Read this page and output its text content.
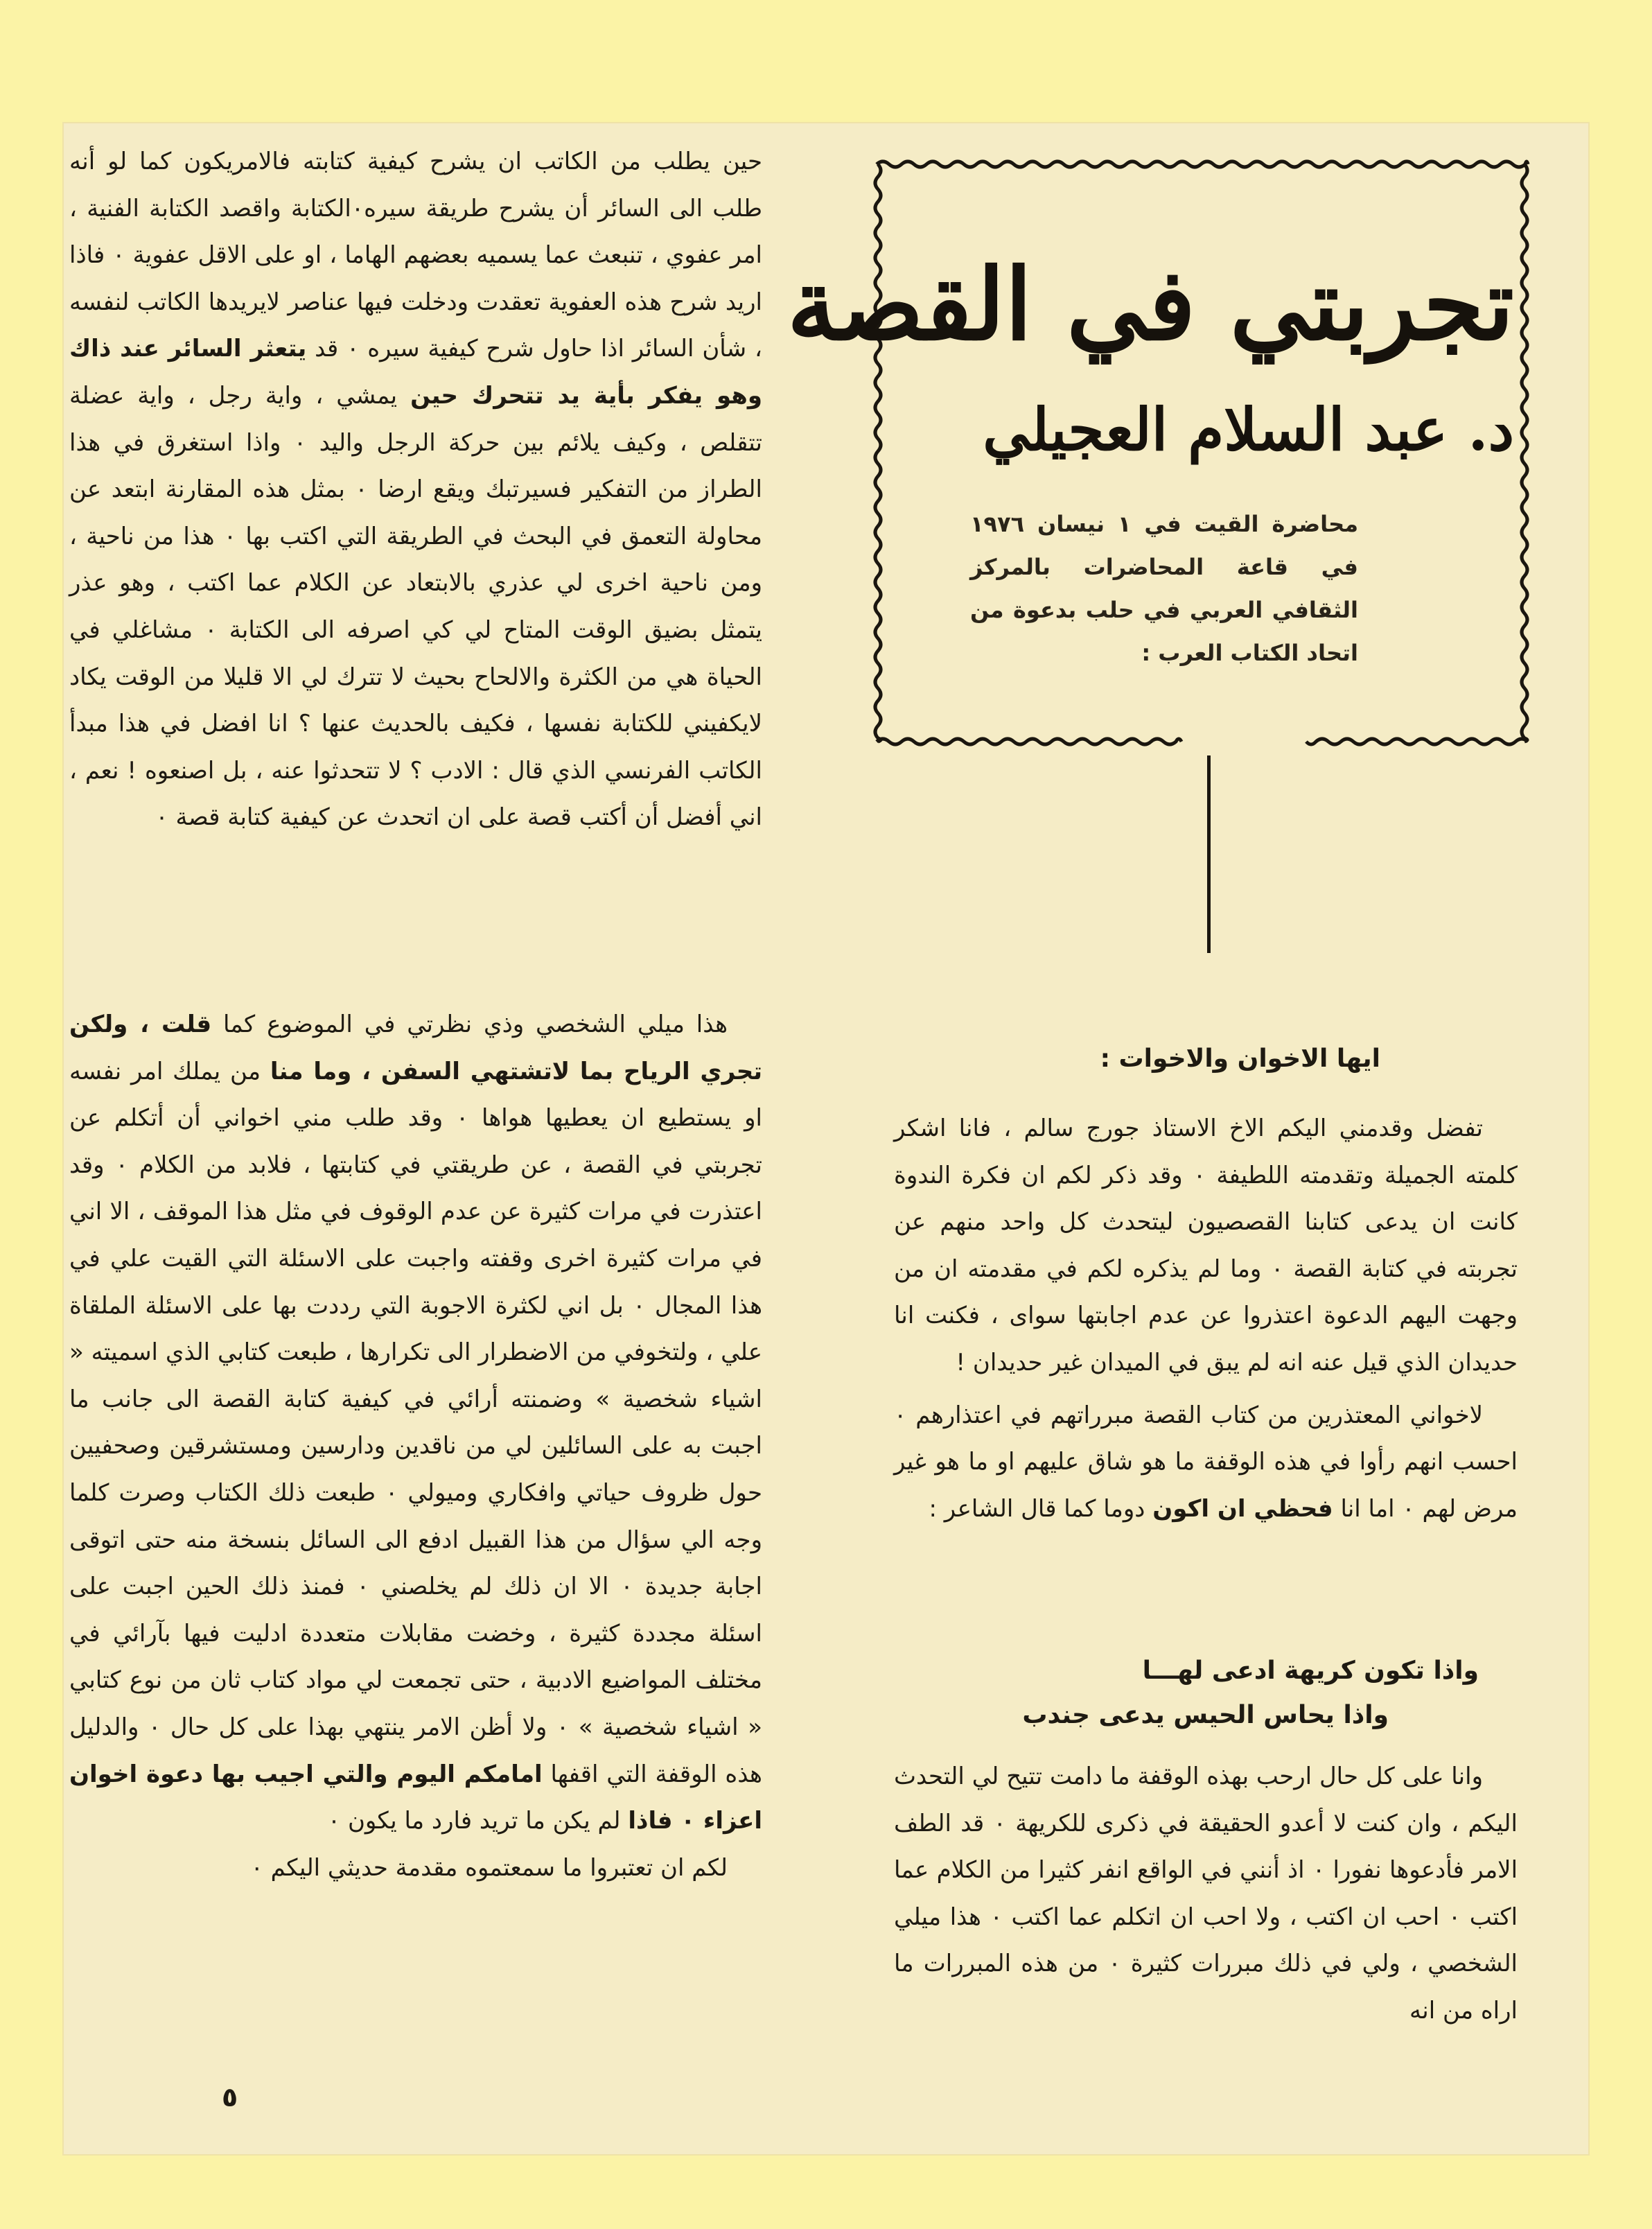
تجربتي في القصة
د. عبد السلام العجيلي
محاضرة القيت في ١ نيسان ١٩٧٦ في قاعة المحاضرات بالمركز الثقافي العربي في حلب بدعوة من اتحاد الكتاب العرب :
ايها الاخوان والاخوات :

تفضل وقدمني اليكم الاخ الاستاذ جورج سالم ، فانا اشكر كلمته الجميلة وتقدمته اللطيفة ٠ وقد ذكر لكم ان فكرة الندوة كانت ان يدعى كتابنا القصصيون ليتحدث كل واحد منهم عن تجربته في كتابة القصة ٠ وما لم يذكره لكم في مقدمته ان من وجهت اليهم الدعوة اعتذروا عن عدم اجابتها سواى ، فكنت انا حديدان الذي قيل عنه انه لم يبق في الميدان غير حديدان !

لاخواني المعتذرين من كتاب القصة مبرراتهم في اعتذارهم ٠ احسب انهم رأوا في هذه الوقفة ما هو شاق عليهم او ما هو غير مرض لهم ٠ اما انا فحظي ان اكون دوما كما قال الشاعر :

واذا تكون كريهة ادعى لهـــا
واذا يحاس الحيس يدعى جندب

وانا على كل حال ارحب بهذه الوقفة ما دامت تتيح لي التحدث اليكم ، وان كنت لا أعدو الحقيقة في ذكرى للكريهة ٠ قد الطف الامر فأدعوها نفورا ٠ اذ أنني في الواقع انفر كثيرا من الكلام عما اكتب ٠ احب ان اكتب ، ولا احب ان اتكلم عما اكتب ٠ هذا ميلي الشخصي ، ولي في ذلك مبررات كثيرة ٠ من هذه المبررات ما اراه من انه

حين يطلب من الكاتب ان يشرح كيفية كتابته فالامريكون كما لو أنه طلب الى السائر أن يشرح طريقة سيره٠الكتابة واقصد الكتابة الفنية ، امر عفوي ، تنبعث عما يسميه بعضهم الهاما ، او على الاقل عفوية ٠ فاذا اريد شرح هذه العفوية تعقدت ودخلت فيها عناصر لايريدها الكاتب لنفسه ، شأن السائر اذا حاول شرح كيفية سيره ٠ قد يتعثر السائر عند ذاك وهو يفكر بأية يد تتحرك حين يمشي ، واية رجل ، واية عضلة تتقلص ، وكيف يلائم بين حركة الرجل واليد ٠ واذا استغرق في هذا الطراز من التفكير فسيرتبك ويقع ارضا ٠ بمثل هذه المقارنة ابتعد عن محاولة التعمق في البحث في الطريقة التي اكتب بها ٠ هذا من ناحية ، ومن ناحية اخرى لي عذري بالابتعاد عن الكلام عما اكتب ، وهو عذر يتمثل بضيق الوقت المتاح لي كي اصرفه الى الكتابة ٠ مشاغلي في الحياة هي من الكثرة والالحاح بحيث لا تترك لي الا قليلا من الوقت يكاد لايكفيني للكتابة نفسها ، فكيف بالحديث عنها ؟ انا افضل في هذا مبدأ الكاتب الفرنسي الذي قال : الادب ؟ لا تتحدثوا عنه ، بل اصنعوه ! نعم ، اني أفضل أن أكتب قصة على ان اتحدث عن كيفية كتابة قصة ٠

هذا ميلي الشخصي وذي نظرتي في الموضوع كما قلت ، ولكن تجري الرياح بما لاتشتهي السفن ، وما منا من يملك امر نفسه او يستطيع ان يعطيها هواها ٠ وقد طلب مني اخواني أن أتكلم عن تجربتي في القصة ، عن طريقتي في كتابتها ، فلابد من الكلام ٠ وقد اعتذرت في مرات كثيرة عن عدم الوقوف في مثل هذا الموقف ، الا اني في مرات كثيرة اخرى وقفته واجبت على الاسئلة التي القيت علي في هذا المجال ٠ بل اني لكثرة الاجوبة التي رددت بها على الاسئلة الملقاة علي ، ولتخوفي من الاضطرار الى تكرارها ، طبعت كتابي الذي اسميته « اشياء شخصية » وضمنته أرائي في كيفية كتابة القصة الى جانب ما اجبت به على السائلين لي من ناقدين ودارسين ومستشرقين وصحفيين حول ظروف حياتي وافكاري وميولي ٠ طبعت ذلك الكتاب وصرت كلما وجه الي سؤال من هذا القبيل ادفع الى السائل بنسخة منه حتى اتوقى اجابة جديدة ٠ الا ان ذلك لم يخلصني ٠ فمنذ ذلك الحين اجبت على اسئلة مجددة كثيرة ، وخضت مقابلات متعددة ادليت فيها بآرائي في مختلف المواضيع الادبية ، حتى تجمعت لي مواد كتاب ثان من نوع كتابي « اشياء شخصية » ٠ ولا أظن الامر ينتهي بهذا على كل حال ٠ والدليل هذه الوقفة التي اقفها امامكم اليوم والتي اجيب بها دعوة اخوان اعزاء ٠ فاذا لم يكن ما تريد فارد ما يكون ٠

لكم ان تعتبروا ما سمعتموه مقدمة حديثي اليكم ٠

٥
